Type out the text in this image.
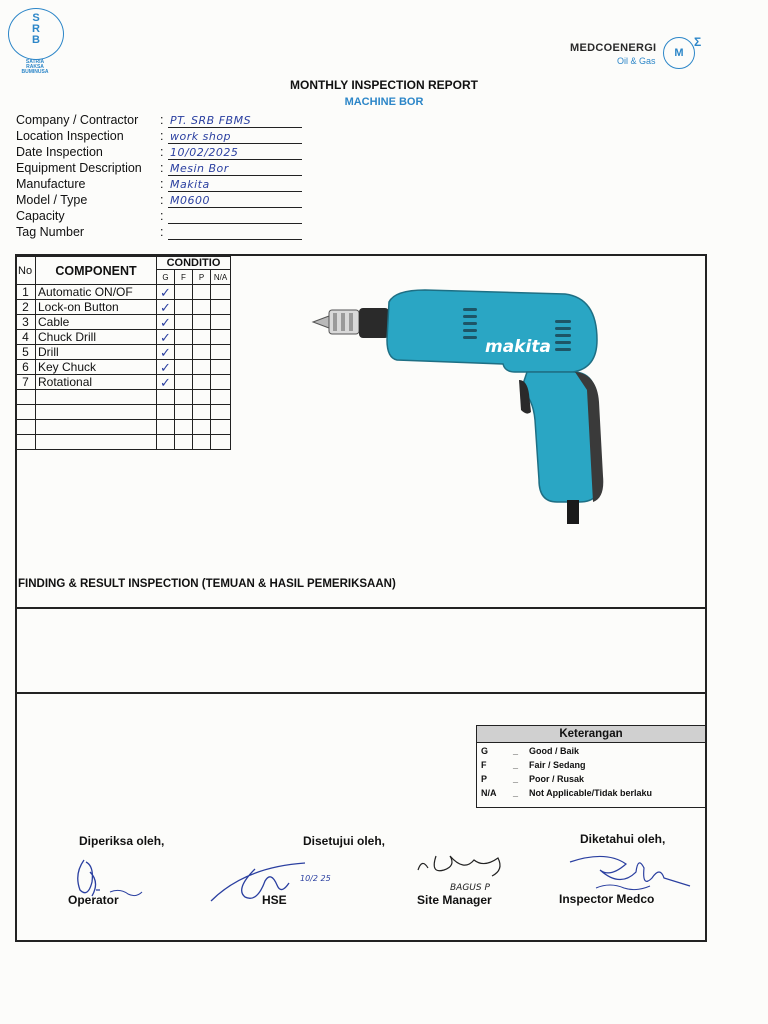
S
R
B
SATRIA
RAKSA
BUMINUSA
MEDCOENERGI
Oil & Gas
M
Σ
MONTHLY INSPECTION REPORT
MACHINE BOR
Company / Contractor : PT. SRB FBMS
Location Inspection	: work shop
Date Inspection	: 10/02/2025
Equipment Description : Mesin Bor
Manufacture	: Makita
Model / Type	: M0600
Capacity	:
Tag Number	:
No	COMPONENT	CONDITIO			
		G	F	P	N/A
1	Automatic ON/OF	✓			
2	Lock-on Button	✓			
3	Cable	✓			
4	Chuck Drill	✓			
5	Drill	✓			
6	Key Chuck	✓			
7	Rotational	✓			

makita
FINDING & RESULT INSPECTION (TEMUAN & HASIL PEMERIKSAAN)
Keterangan
G	_ Good / Baik
F	_ Fair / Sedang
P	_ Poor / Rusak
N/A	_ Not Applicable/Tidak berlaku
Diperiksa oleh,	Disetujui oleh,	Diketahui oleh,
10/2 25
BAGUS P
Operator	HSE	Site Manager	Inspector Medco
